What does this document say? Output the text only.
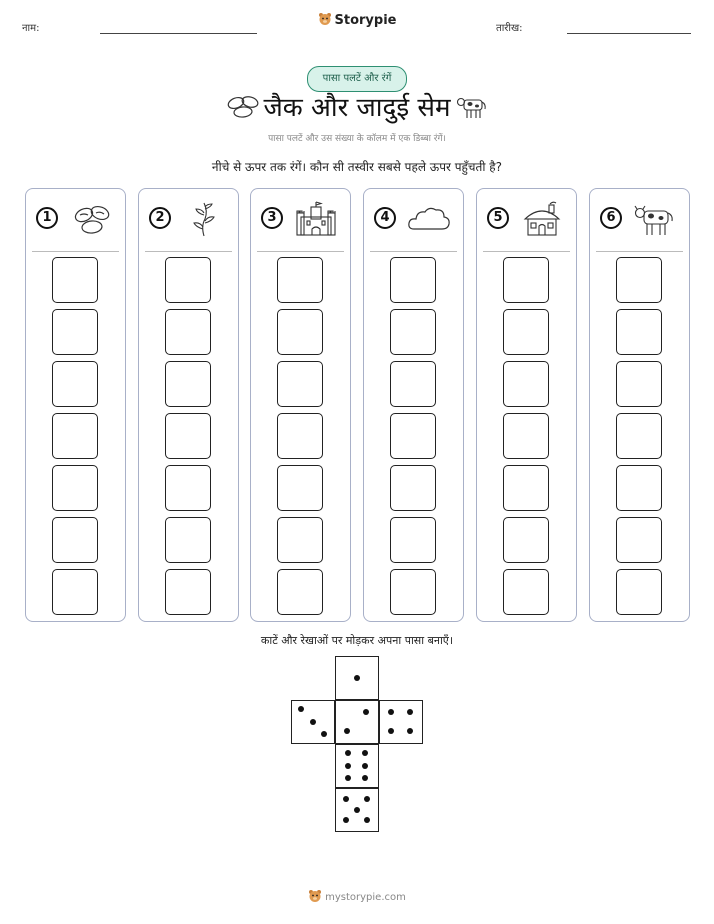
नाम:
Storypie
तारीख:
पासा पलटें और रंगें
जैक और जादुई सेम
पासा पलटें और उस संख्या के कॉलम में एक डिब्बा रंगें।
नीचे से ऊपर तक रंगें। कौन सी तस्वीर सबसे पहले ऊपर पहुँचती है?
1	2	3	4	5	6
काटें और रेखाओं पर मोड़कर अपना पासा बनाएँ।
mystorypie.com
